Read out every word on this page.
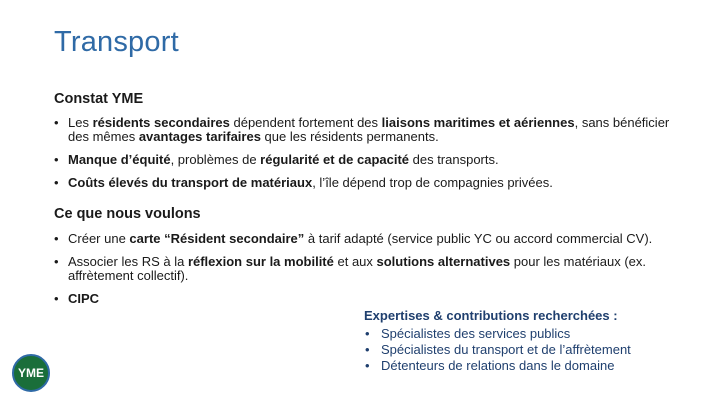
Transport
Constat YME
• Les résidents secondaires dépendent fortement des liaisons maritimes et aériennes, sans bénéficier des mêmes avantages tarifaires que les résidents permanents.
• Manque d’équité, problèmes de régularité et de capacité des transports.
• Coûts élevés du transport de matériaux, l’île dépend trop de compagnies privées.
Ce que nous voulons
• Créer une carte “Résident secondaire” à tarif adapté (service public YC ou accord commercial CV).
• Associer les RS à la réflexion sur la mobilité et aux solutions alternatives pour les matériaux (ex. affrètement collectif).
• CIPC
Expertises & contributions recherchées :
• Spécialistes des services publics
• Spécialistes du transport et de l’affrètement
• Détenteurs de relations dans le domaine
YME
